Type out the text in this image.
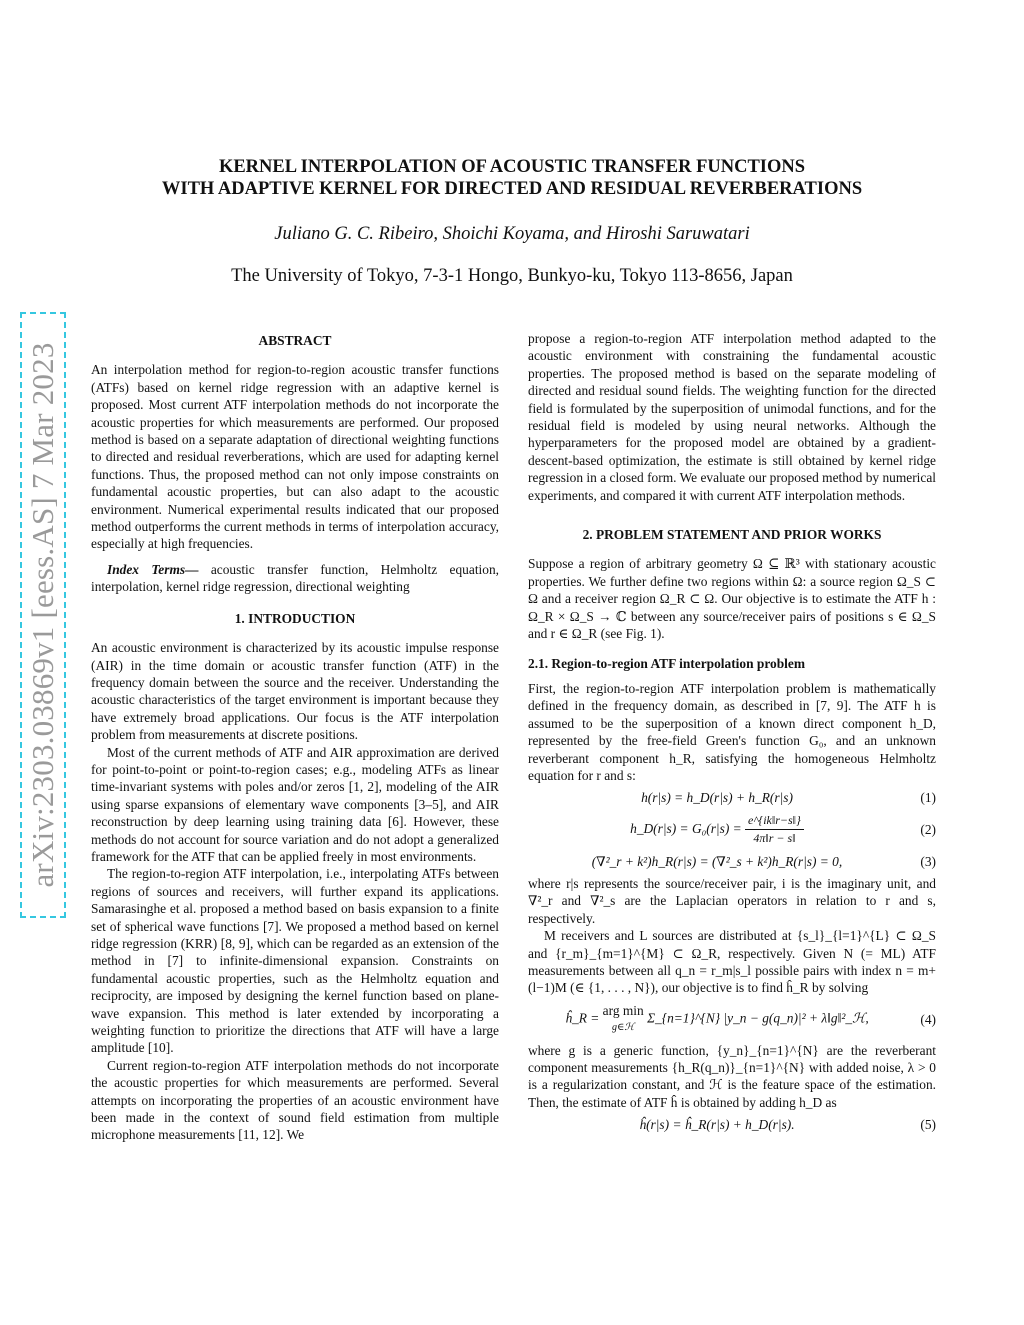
arXiv:2303.03869v1 [eess.AS] 7 Mar 2023
KERNEL INTERPOLATION OF ACOUSTIC TRANSFER FUNCTIONS
WITH ADAPTIVE KERNEL FOR DIRECTED AND RESIDUAL REVERBERATIONS
Juliano G. C. Ribeiro, Shoichi Koyama, and Hiroshi Saruwatari
The University of Tokyo, 7-3-1 Hongo, Bunkyo-ku, Tokyo 113-8656, Japan
ABSTRACT

An interpolation method for region-to-region acoustic transfer functions (ATFs) based on kernel ridge regression with an adaptive kernel is proposed. Most current ATF interpolation methods do not incorporate the acoustic properties for which measurements are performed. Our proposed method is based on a separate adaptation of directional weighting functions to directed and residual reverberations, which are used for adapting kernel functions. Thus, the proposed method can not only impose constraints on fundamental acoustic properties, but can also adapt to the acoustic environment. Numerical experimental results indicated that our proposed method outperforms the current methods in terms of interpolation accuracy, especially at high frequencies.

Index Terms— acoustic transfer function, Helmholtz equation, interpolation, kernel ridge regression, directional weighting

1. INTRODUCTION

An acoustic environment is characterized by its acoustic impulse response (AIR) in the time domain or acoustic transfer function (ATF) in the frequency domain between the source and the receiver. Understanding the acoustic characteristics of the target environment is important because they have extremely broad applications. Our focus is the ATF interpolation problem from measurements at discrete positions.

Most of the current methods of ATF and AIR approximation are derived for point-to-point or point-to-region cases; e.g., modeling ATFs as linear time-invariant systems with poles and/or zeros [1, 2], modeling of the AIR using sparse expansions of elementary wave components [3–5], and AIR reconstruction by deep learning using training data [6]. However, these methods do not account for source variation and do not adopt a generalized framework for the ATF that can be applied freely in most environments.

The region-to-region ATF interpolation, i.e., interpolating ATFs between regions of sources and receivers, will further expand its applications. Samarasinghe et al. proposed a method based on basis expansion to a finite set of spherical wave functions [7]. We proposed a method based on kernel ridge regression (KRR) [8, 9], which can be regarded as an extension of the method in [7] to infinite-dimensional expansion. Constraints on fundamental acoustic properties, such as the Helmholtz equation and reciprocity, are imposed by designing the kernel function based on plane-wave expansion. This method is later extended by incorporating a weighting function to prioritize the directions that ATF will have a large amplitude [10].

Current region-to-region ATF interpolation methods do not incorporate the acoustic properties for which measurements are performed. Several attempts on incorporating the properties of an acoustic environment have been made in the context of sound field estimation from multiple microphone measurements [11, 12]. We

propose a region-to-region ATF interpolation method adapted to the acoustic environment with constraining the fundamental acoustic properties. The proposed method is based on the separate modeling of directed and residual sound fields. The weighting function for the directed field is formulated by the superposition of unimodal functions, and for the residual field is modeled by using neural networks. Although the hyperparameters for the proposed model are obtained by a gradient-descent-based optimization, the estimate is still obtained by kernel ridge regression in a closed form. We evaluate our proposed method by numerical experiments, and compared it with current ATF interpolation methods.

2. PROBLEM STATEMENT AND PRIOR WORKS

Suppose a region of arbitrary geometry Ω ⊆ ℝ³ with stationary acoustic properties. We further define two regions within Ω: a source region Ω_S ⊂ Ω and a receiver region Ω_R ⊂ Ω. Our objective is to estimate the ATF h : Ω_R × Ω_S → ℂ between any source/receiver pairs of positions s ∈ Ω_S and r ∈ Ω_R (see Fig. 1).

2.1. Region-to-region ATF interpolation problem

First, the region-to-region ATF interpolation problem is mathematically defined in the frequency domain, as described in [7, 9]. The ATF h is assumed to be the superposition of a known direct component h_D, represented by the free-field Green's function G₀, and an unknown reverberant component h_R, satisfying the homogeneous Helmholtz equation for r and s:

h(r|s) = h_D(r|s) + h_R(r|s)	(1)
h_D(r|s) = $G_0(r|s) = \frac{e\^{}\{ik‖r-s‖\}}{4\pi‖r - s‖}$	(2)
(∇²_r + k²)h_R(r|s) = (∇²_s + k²)h_R(r|s) = 0,	(3)

where r|s represents the source/receiver pair, i is the imaginary unit, and ∇²_r and ∇²_s are the Laplacian operators in relation to r and s, respectively.

M receivers and L sources are distributed at {s_l}_{l=1}^{L} ⊂ Ω_S and {r_m}_{m=1}^{M} ⊂ Ω_R, respectively. Given N (= ML) ATF measurements between all q_n = r_m|s_l possible pairs with index n = m+(l−1)M (∈ {1, . . . , N}), our objective is to find ĥ_R by solving

ĥ_R = arg min
g∈ℋ
Σ_{n=1}^{N} |y_n − g(q_n)|² + λ‖g‖²_ℋ,	(4)

where g is a generic function, {y_n}_{n=1}^{N} are the reverberant component measurements {h_R(q_n)}_{n=1}^{N} with added noise, λ > 0 is a regularization constant, and ℋ is the feature space of the estimation. Then, the estimate of ATF ĥ is obtained by adding h_D as

ĥ(r|s) = ĥ_R(r|s) + h_D(r|s).	(5)
